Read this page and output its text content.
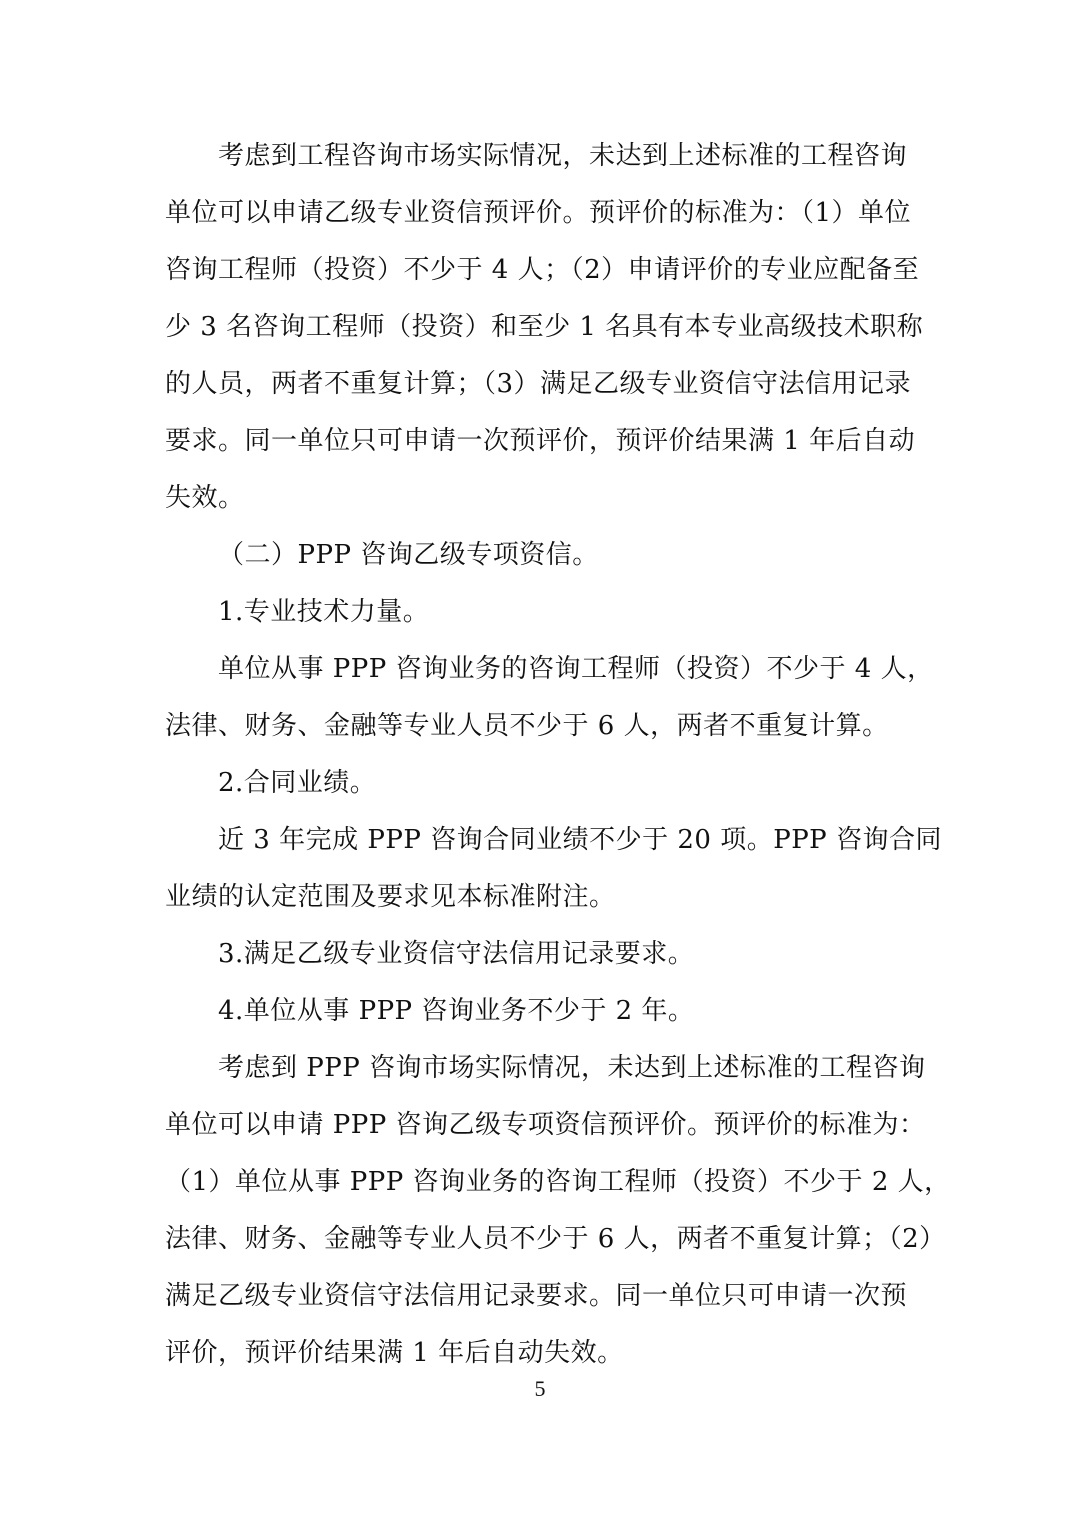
考虑到工程咨询市场实际情况，未达到上述标准的工程咨询
单位可以申请乙级专业资信预评价。预评价的标准为：（1）单位
咨询工程师（投资）不少于 4 人；（2）申请评价的专业应配备至
少 3 名咨询工程师（投资）和至少 1 名具有本专业高级技术职称
的人员，两者不重复计算；（3）满足乙级专业资信守法信用记录
要求。同一单位只可申请一次预评价，预评价结果满 1 年后自动
失效。

（二）PPP 咨询乙级专项资信。

1.专业技术力量。

单位从事 PPP 咨询业务的咨询工程师（投资）不少于 4 人，
法律、财务、金融等专业人员不少于 6 人，两者不重复计算。

2.合同业绩。

近 3 年完成 PPP 咨询合同业绩不少于 20 项。PPP 咨询合同
业绩的认定范围及要求见本标准附注。

3.满足乙级专业资信守法信用记录要求。

4.单位从事 PPP 咨询业务不少于 2 年。

考虑到 PPP 咨询市场实际情况，未达到上述标准的工程咨询
单位可以申请 PPP 咨询乙级专项资信预评价。预评价的标准为：
（1）单位从事 PPP 咨询业务的咨询工程师（投资）不少于 2 人，
法律、财务、金融等专业人员不少于 6 人，两者不重复计算；（2）
满足乙级专业资信守法信用记录要求。同一单位只可申请一次预
评价，预评价结果满 1 年后自动失效。

5
